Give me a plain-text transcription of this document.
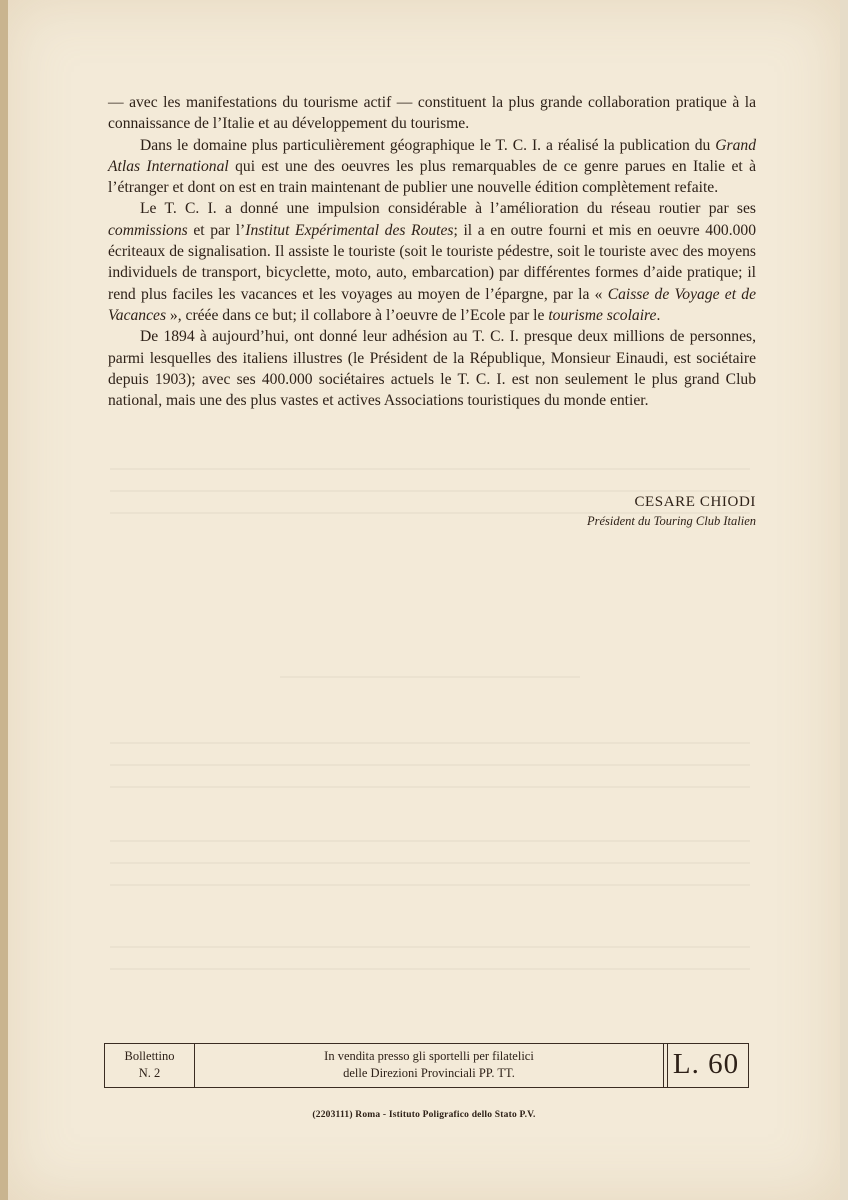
— avec les manifestations du tourisme actif — constituent la plus grande collaboration pratique à la connaissance de l’Italie et au développement du tourisme.

Dans le domaine plus particulièrement géographique le T. C. I. a réalisé la publication du Grand Atlas International qui est une des oeuvres les plus remarquables de ce genre parues en Italie et à l’étranger et dont on est en train maintenant de publier une nouvelle édition complètement refaite.

Le T. C. I. a donné une impulsion considérable à l’amélioration du réseau routier par ses commissions et par l’Institut Expérimental des Routes; il a en outre fourni et mis en oeuvre 400.000 écriteaux de signalisation. Il assiste le touriste (soit le touriste pédestre, soit le touriste avec des moyens individuels de transport, bicyclette, moto, auto, embarcation) par différentes formes d’aide pratique; il rend plus faciles les vacances et les voyages au moyen de l’épargne, par la « Caisse de Voyage et de Vacances », créée dans ce but; il collabore à l’oeuvre de l’Ecole par le tourisme scolaire.

De 1894 à aujourd’hui, ont donné leur adhésion au T. C. I. presque deux millions de personnes, parmi lesquelles des italiens illustres (le Président de la République, Monsieur Einaudi, est sociétaire depuis 1903); avec ses 400.000 sociétaires actuels le T. C. I. est non seulement le plus grand Club national, mais une des plus vastes et actives Associations touristiques du monde entier.

CESARE CHIODI
Président du Touring Club Italien
Bollettino
N. 2
In vendita presso gli sportelli per filatelici
delle Direzioni Provinciali PP. TT.	L. 60
(2203111) Roma - Istituto Poligrafico dello Stato P.V.
